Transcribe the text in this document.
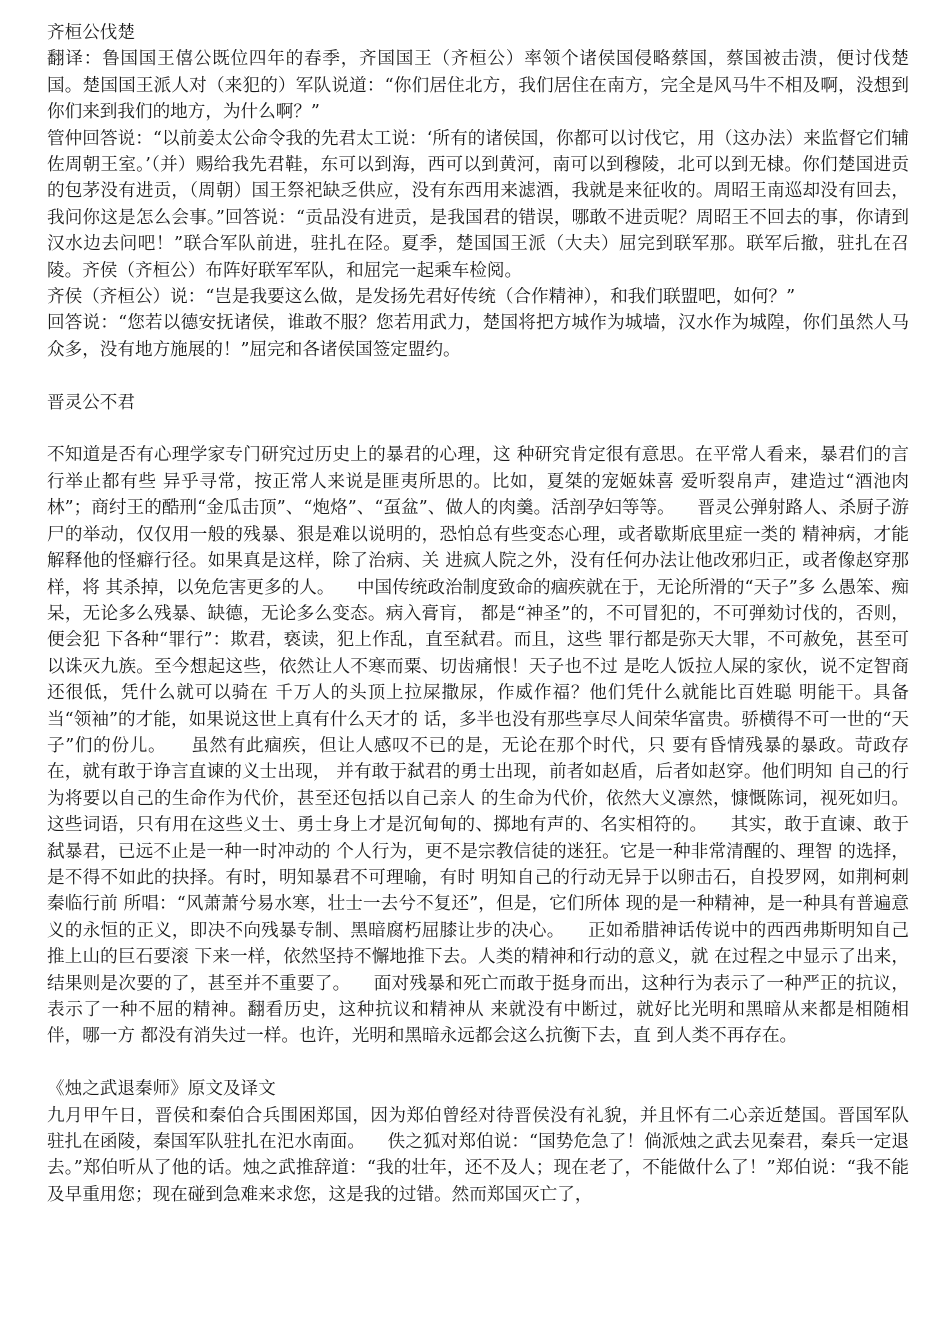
齐桓公伐楚

翻译：鲁国国王僖公既位四年的春季，齐国国王（齐桓公）率领个诸侯国侵略蔡国，蔡国被击溃，便讨伐楚国。楚国国王派人对（来犯的）军队说道：“你们居住北方，我们居住在南方，完全是风马牛不相及啊，没想到你们来到我们的地方，为什么啊？”

管仲回答说：“以前姜太公命令我的先君太工说：‘所有的诸侯国，你都可以讨伐它，用（这办法）来监督它们辅佐周朝王室。’（并）赐给我先君鞋，东可以到海，西可以到黄河，南可以到穆陵，北可以到无棣。你们楚国进贡的包茅没有进贡，（周朝）国王祭祀缺乏供应，没有东西用来滤酒，我就是来征收的。周昭王南巡却没有回去，我问你这是怎么会事。”回答说：“贡品没有进贡，是我国君的错误，哪敢不进贡呢？周昭王不回去的事，你请到汉水边去问吧！”联合军队前进，驻扎在陉。夏季，楚国国王派（大夫）屈完到联军那。联军后撤，驻扎在召陵。齐侯（齐桓公）布阵好联军军队，和屈完一起乘车检阅。

齐侯（齐桓公）说：“岂是我要这么做，是发扬先君好传统（合作精神），和我们联盟吧，如何？”

回答说：“您若以德安抚诸侯，谁敢不服？您若用武力，楚国将把方城作为城墙，汉水作为城隍，你们虽然人马众多，没有地方施展的！”屈完和各诸侯国签定盟约。

晋灵公不君

不知道是否有心理学家专门研究过历史上的暴君的心理，这 种研究肯定很有意思。在平常人看来，暴君们的言行举止都有些 异乎寻常，按正常人来说是匪夷所思的。比如，夏桀的宠姬妹喜 爱听裂帛声，建造过“酒池肉林”；商纣王的酷刑“金瓜击顶”、“炮烙”、“虿盆”、做人的肉羹。活剖孕妇等等。    晋灵公弹射路人、杀厨子游尸的举动，仅仅用一般的残暴、狠是难以说明的，恐怕总有些变态心理，或者歇斯底里症一类的 精神病，才能解释他的怪癖行径。如果真是这样，除了治病、关 进疯人院之外，没有任何办法让他改邪归正，或者像赵穿那样，将 其杀掉，以免危害更多的人。    中国传统政治制度致命的痼疾就在于，无论所滑的“天子”多 么愚笨、痴呆，无论多么残暴、缺德，无论多么变态。病入膏肓， 都是“神圣”的，不可冒犯的，不可弹劾讨伐的，否则，便会犯 下各种“罪行”：欺君，亵读，犯上作乱，直至弑君。而且，这些 罪行都是弥天大罪，不可赦免，甚至可以诛灭九族。至今想起这些，依然让人不寒而粟、切齿痛恨！天子也不过 是吃人饭拉人屎的家伙，说不定智商还很低，凭什么就可以骑在 千万人的头顶上拉屎撒尿，作威作福？他们凭什么就能比百姓聪 明能干。具备当“领袖”的才能，如果说这世上真有什么天才的 话，多半也没有那些享尽人间荣华富贵。骄横得不可一世的“天 子”们的份儿。    虽然有此痼疾，但让人感叹不已的是，无论在那个时代，只 要有昏情残暴的暴政。苛政存在，就有敢于诤言直谏的义士出现， 并有敢于弑君的勇士出现，前者如赵盾，后者如赵穿。他们明知 自己的行为将要以自己的生命作为代价，甚至还包括以自己亲人 的生命为代价，依然大义凛然，慷慨陈词，视死如归。    这些词语，只有用在这些义士、勇士身上才是沉甸甸的、掷地有声的、名实相符的。    其实，敢于直谏、敢于弑暴君，已远不止是一种一时冲动的 个人行为，更不是宗教信徒的迷狂。它是一种非常清醒的、理智 的选择，是不得不如此的抉择。有时，明知暴君不可理喻，有时 明知自己的行动无异于以卵击石，自投罗网，如荆柯刺秦临行前 所唱：“风萧萧兮易水寒，壮士一去兮不复还”，但是，它们所体 现的是一种精神，是一种具有普遍意义的永恒的正义，即决不向残暴专制、黑暗腐朽屈膝让步的决心。    正如希腊神话传说中的西西弗斯明知自己推上山的巨石要滚 下来一样，依然坚持不懈地推下去。人类的精神和行动的意义，就 在过程之中显示了出来，结果则是次要的了，甚至并不重要了。    面对残暴和死亡而敢于挺身而出，这种行为表示了一种严正的抗议，表示了一种不屈的精神。翻看历史，这种抗议和精神从 来就没有中断过，就好比光明和黑暗从来都是相随相伴，哪一方 都没有消失过一样。也许，光明和黑暗永远都会这么抗衡下去，直 到人类不再存在。

《烛之武退秦师》原文及译文

九月甲午日，晋侯和秦伯合兵围困郑国，因为郑伯曾经对待晋侯没有礼貌，并且怀有二心亲近楚国。晋国军队驻扎在函陵，秦国军队驻扎在汜水南面。    佚之狐对郑伯说：“国势危急了！倘派烛之武去见秦君，秦兵一定退去。”郑伯听从了他的话。烛之武推辞道：“我的壮年，还不及人；现在老了，不能做什么了！”郑伯说：“我不能及早重用您；现在碰到急难来求您，这是我的过错。然而郑国灭亡了，
